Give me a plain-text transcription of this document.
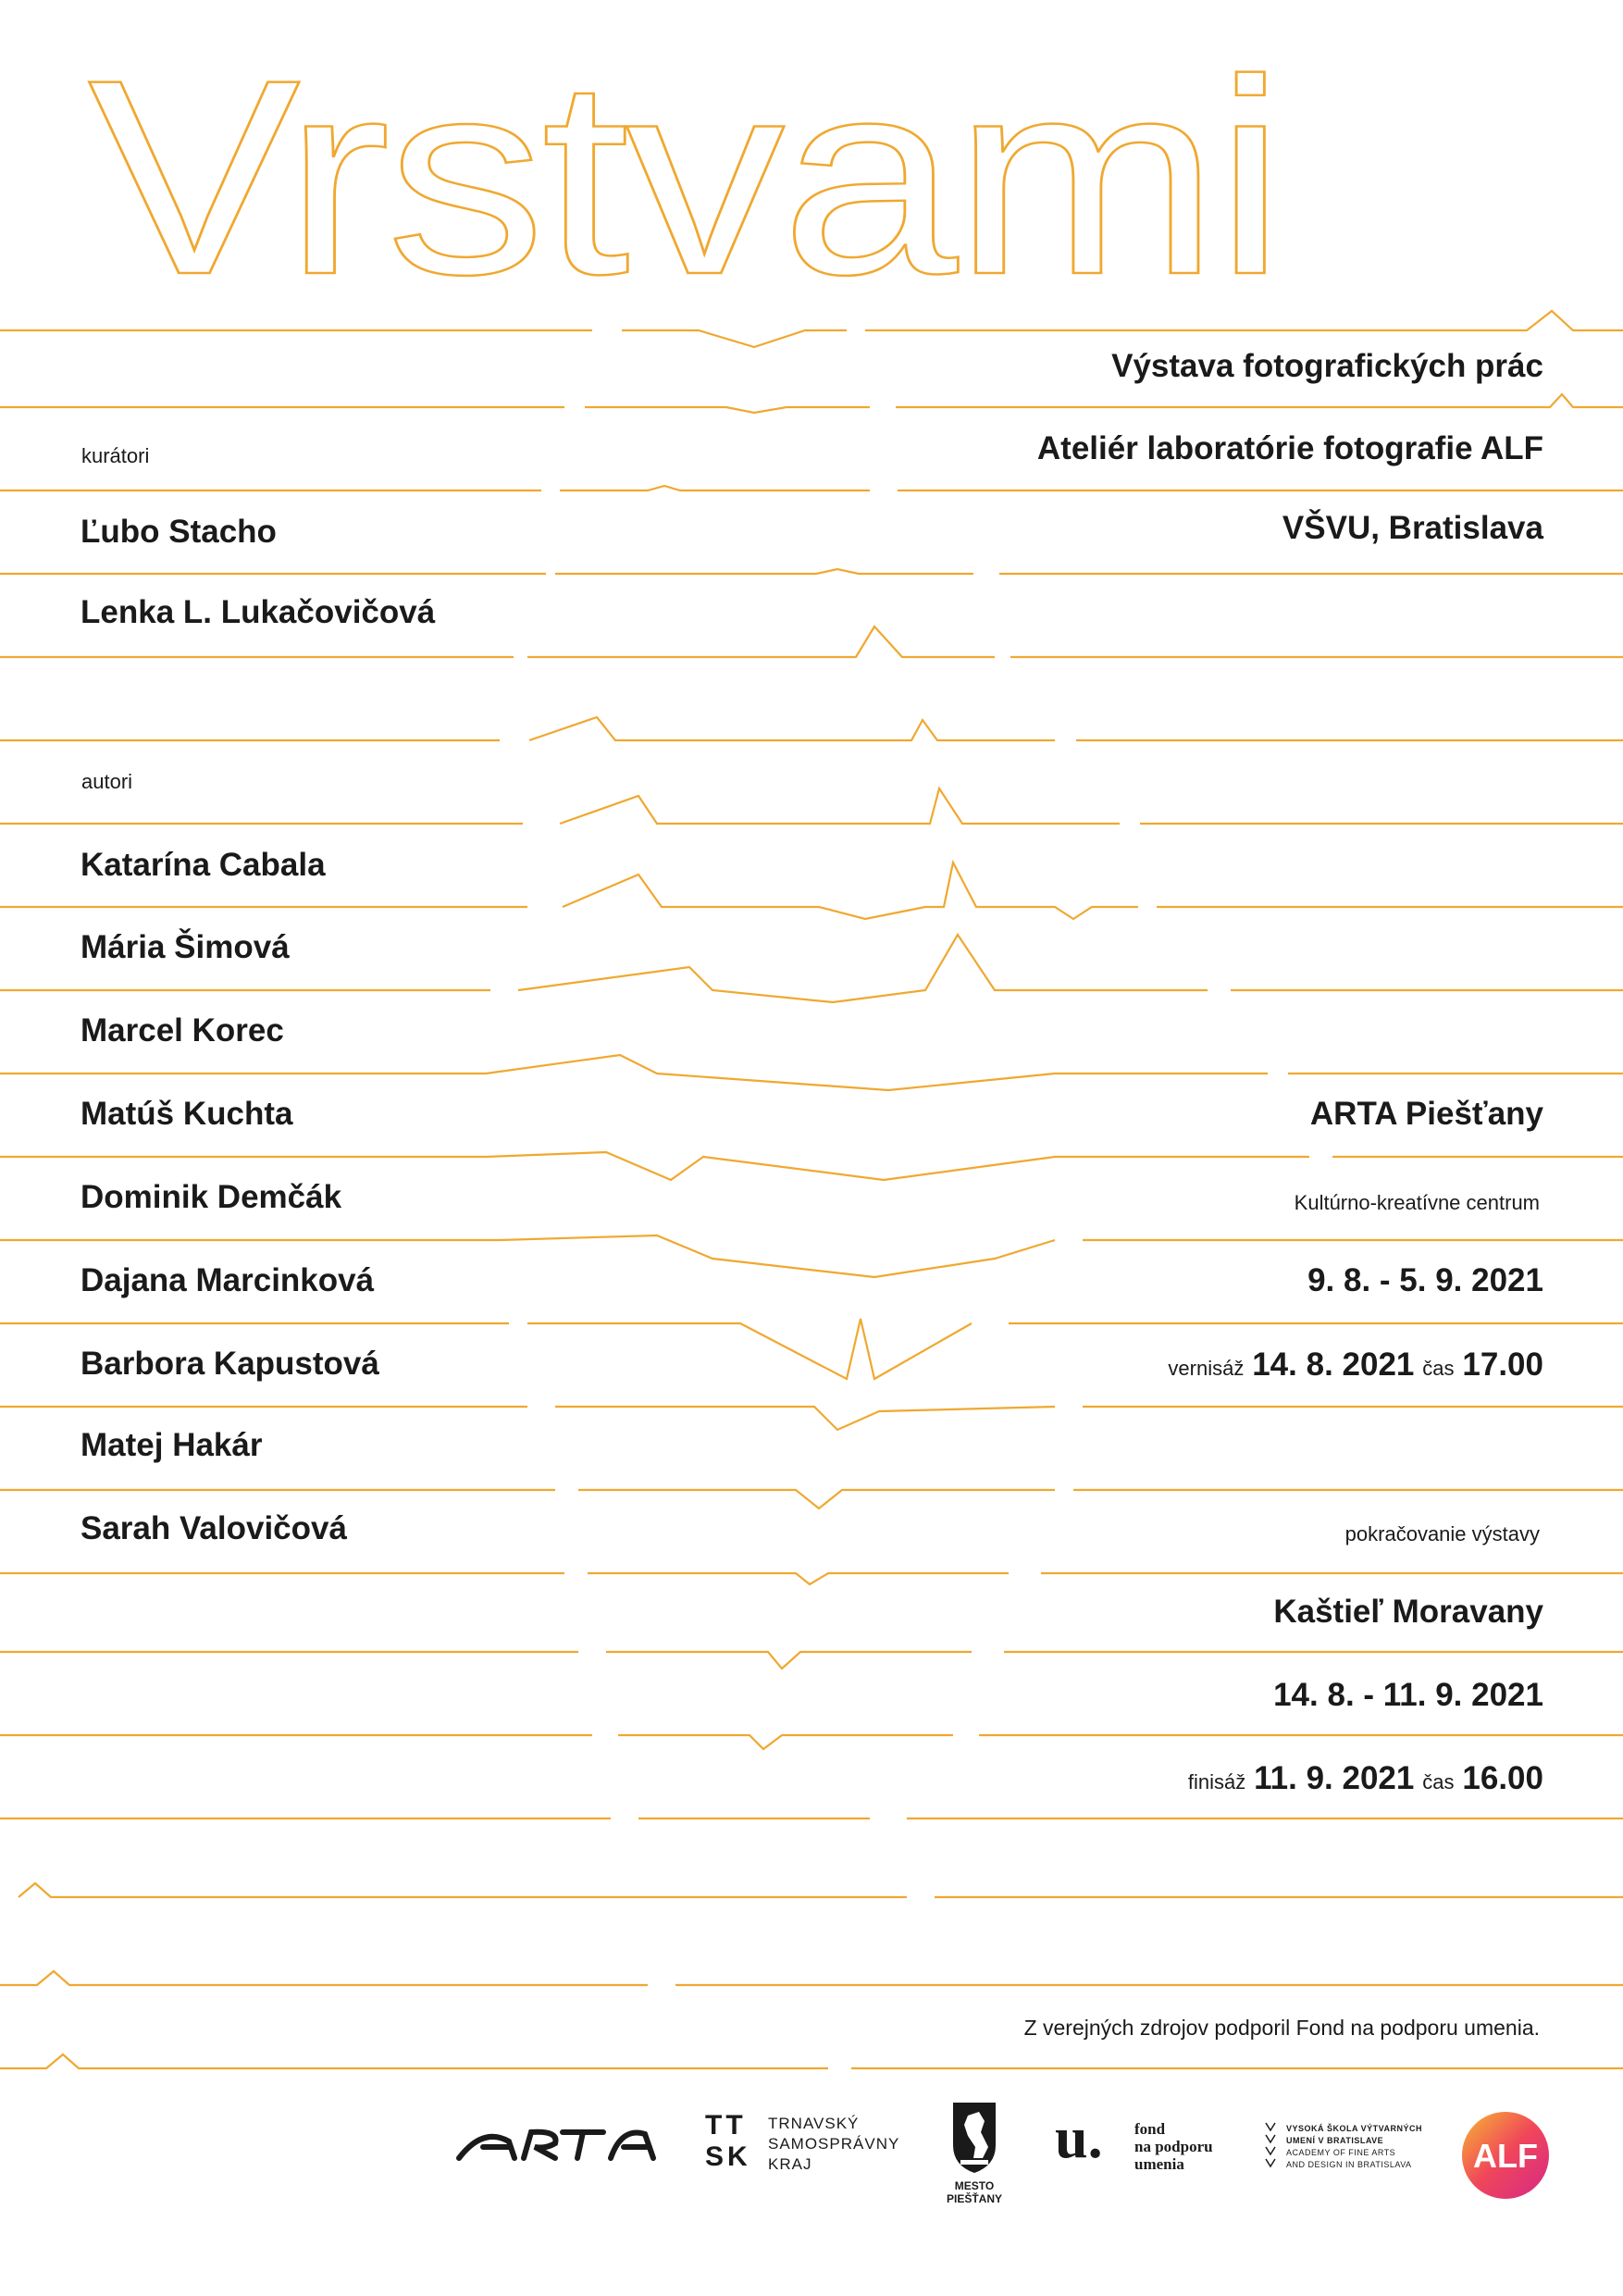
Vrstvami
Výstava fotografických prác
Ateliér laboratórie fotografie ALF
VŠVU, Bratislava
kurátori
Ľubo Stacho
Lenka L. Lukačovičová
autori
Katarína Cabala
Mária Šimová
Marcel Korec
Matúš Kuchta
Dominik Demčák
Dajana Marcinková
Barbora Kapustová
Matej Hakár
Sarah Valovičová
ARTA Piešťany
Kultúrno-kreatívne centrum
9. 8. - 5. 9. 2021
vernisáž 14. 8. 2021 čas 17.00
pokračovanie výstavy
Kaštieľ Moravany
14. 8. - 11. 9. 2021
finisáž 11. 9. 2021 čas 16.00
Z verejných zdrojov podporil Fond na podporu umenia.
TT
SK
TRNAVSKÝ
SAMOSPRÁVNY
KRAJ
MESTO
PIEŠŤANY
u. fond
na podporu
umenia
VYSOKÁ ŠKOLA VÝTVARNÝCH
UMENÍ V BRATISLAVE
ACADEMY OF FINE ARTS
AND DESIGN IN BRATISLAVA	ALF
